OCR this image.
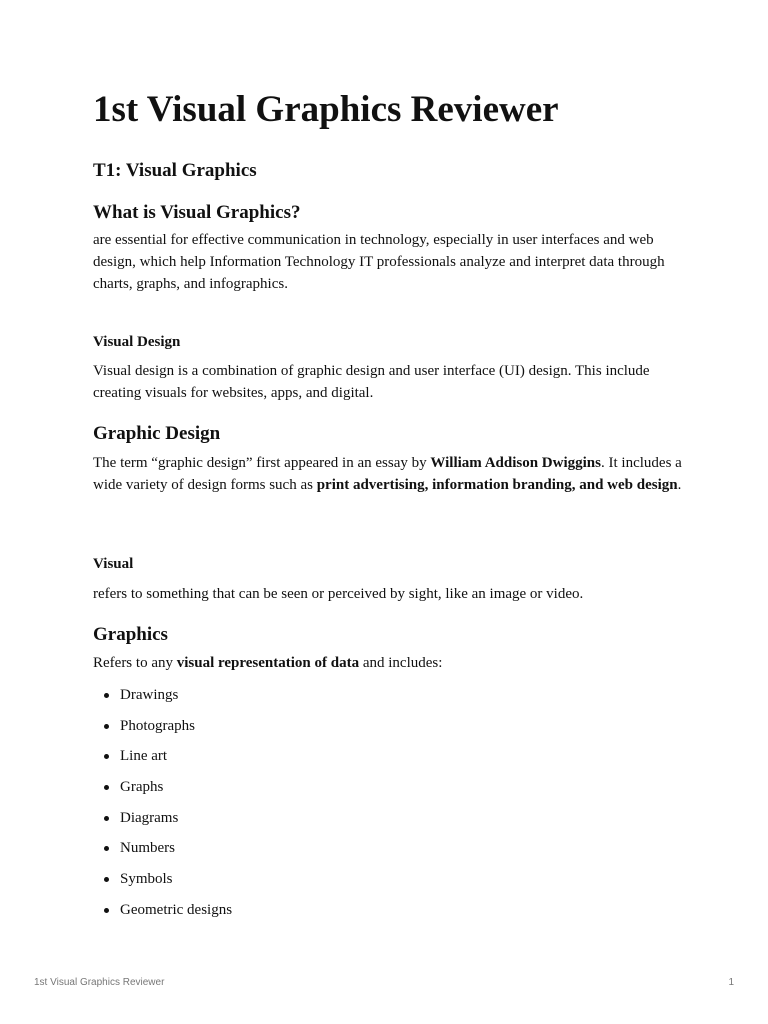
1st Visual Graphics Reviewer
T1: Visual Graphics
What is Visual Graphics?

are essential for effective communication in technology, especially in user interfaces and web design, which help Information Technology IT professionals analyze and interpret data through charts, graphs, and infographics.

Visual Design

Visual design is a combination of graphic design and user interface (UI) design. This include creating visuals for websites, apps, and digital.

Graphic Design

The term “graphic design” first appeared in an essay by William Addison Dwiggins. It includes a wide variety of design forms such as print advertising, information branding, and web design.

Visual

refers to something that can be seen or perceived by sight, like an image or video.

Graphics

Refers to any visual representation of data and includes:

Drawings
Photographs
Line art
Graphs
Diagrams
Numbers
Symbols
Geometric designs
1st Visual Graphics Reviewer	1
